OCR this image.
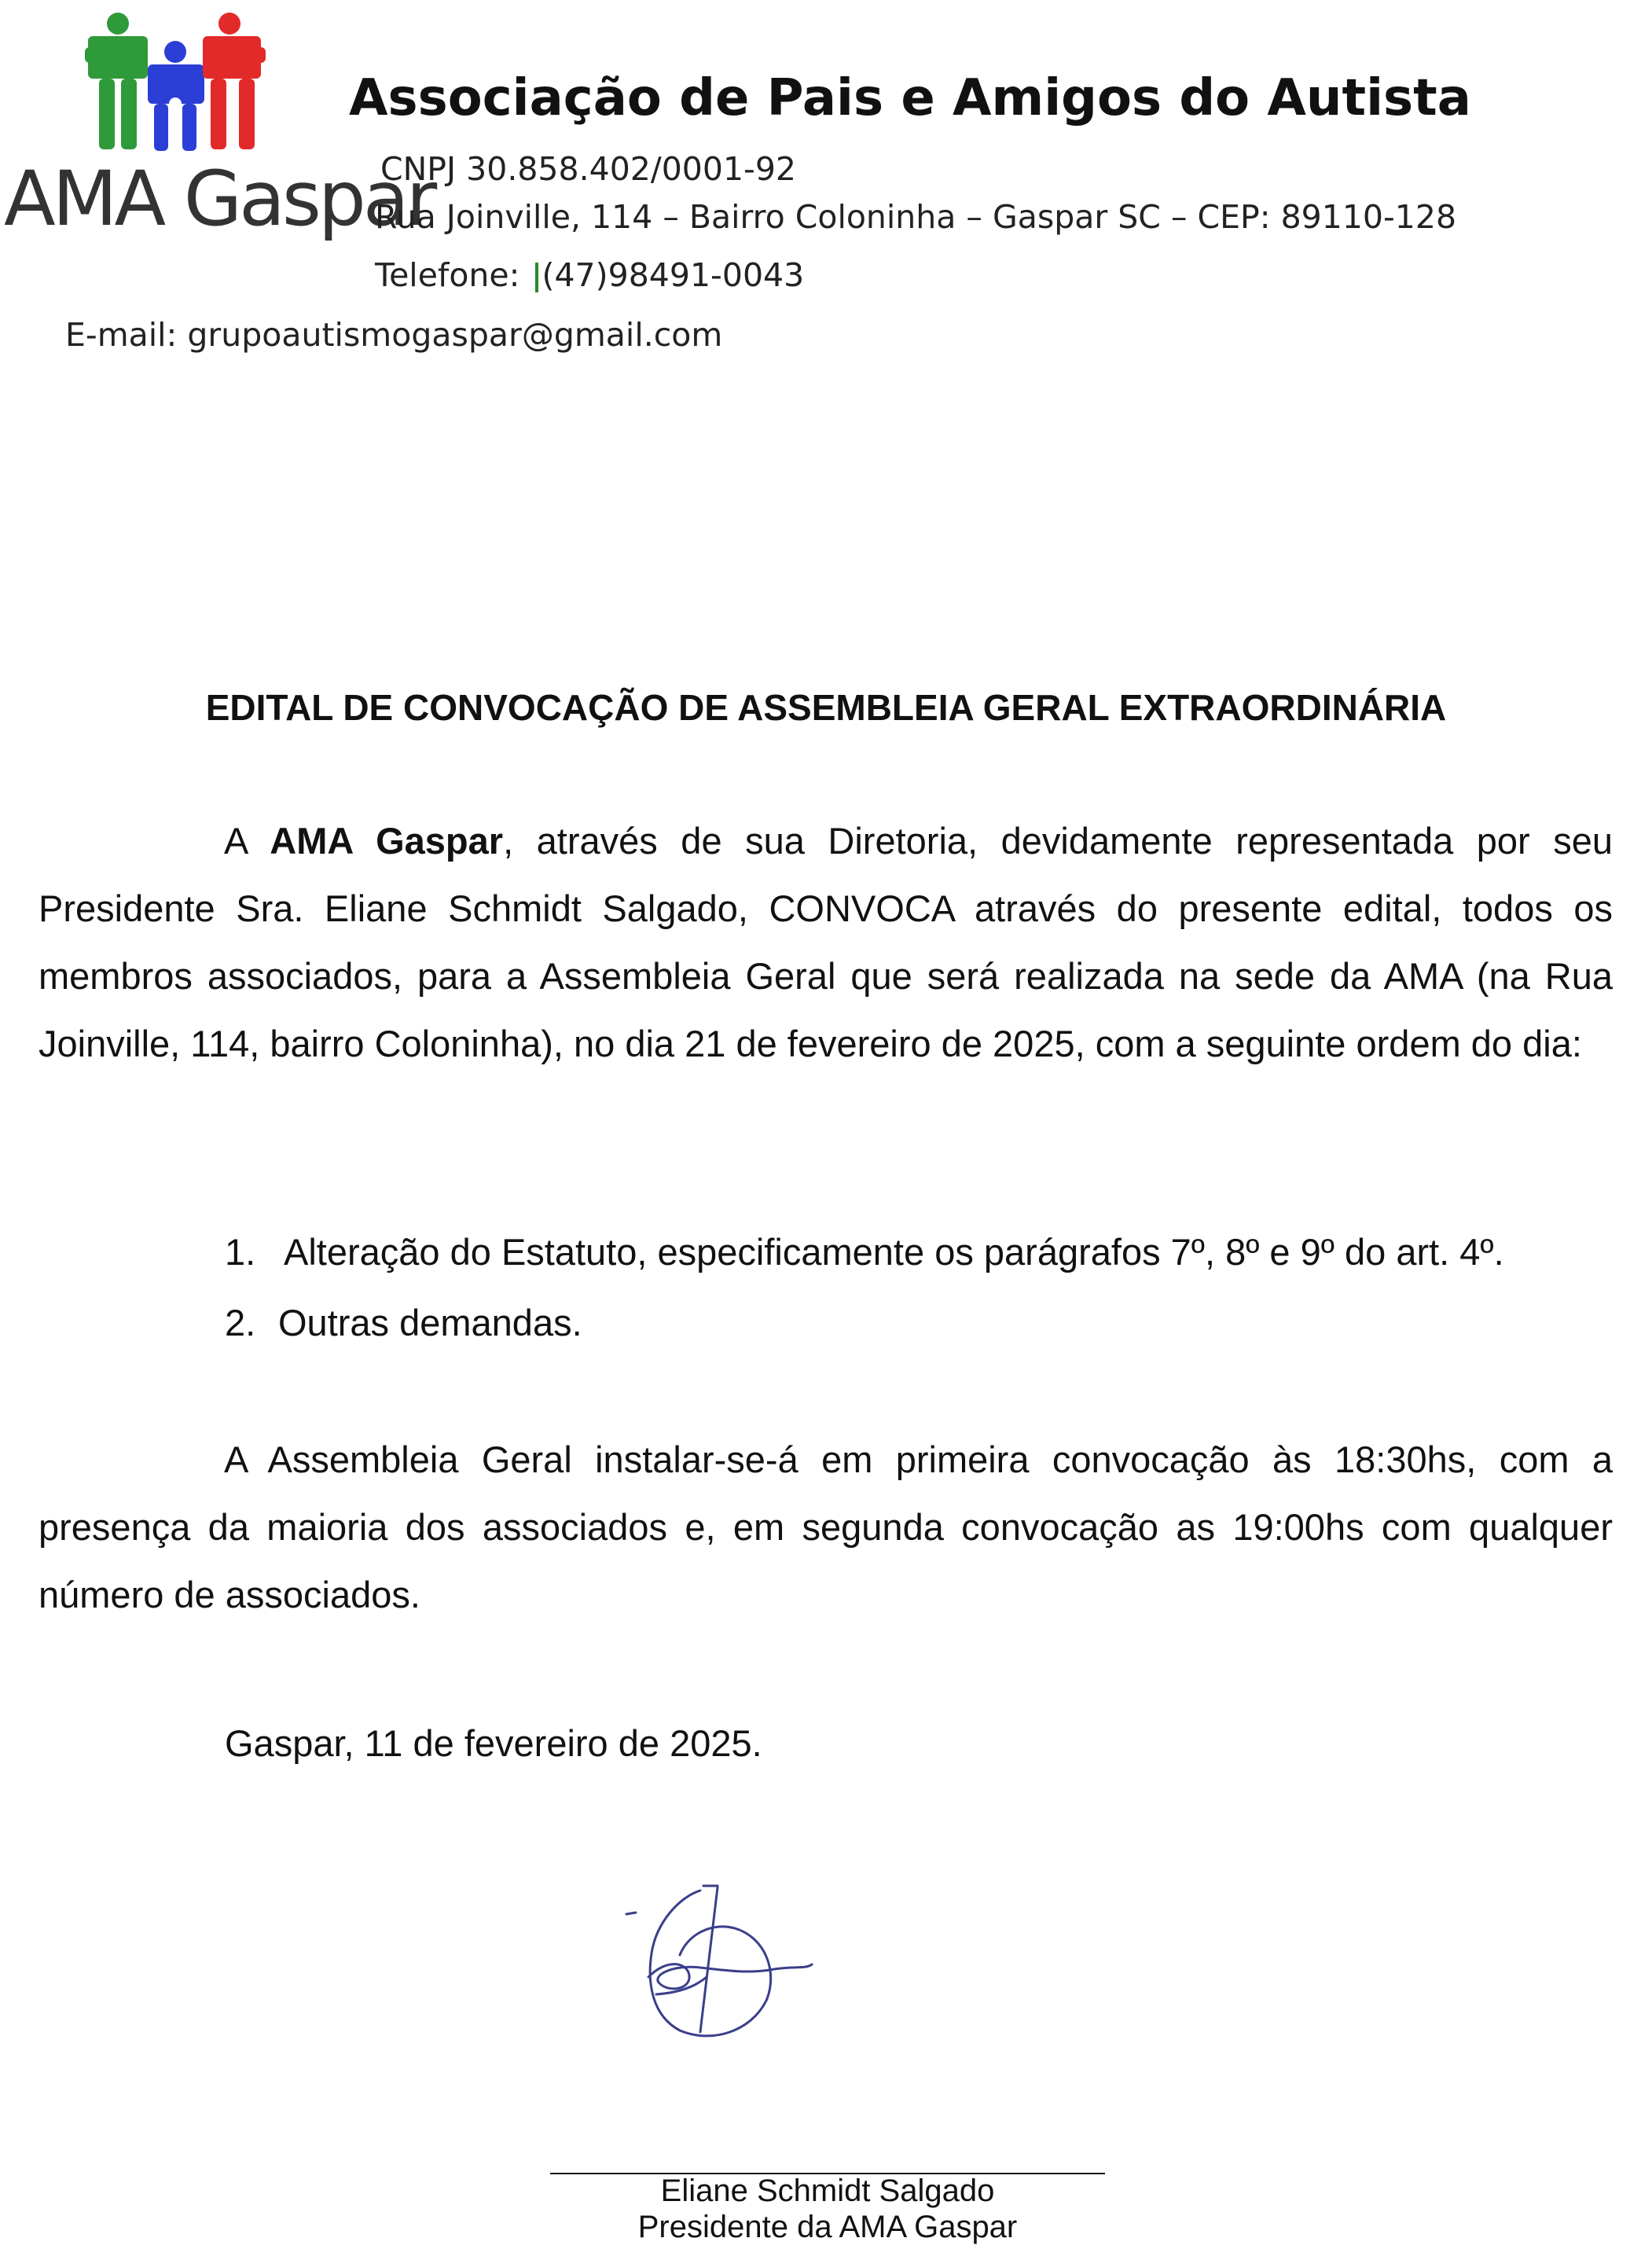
AMA Gaspar
Associação de Pais e Amigos do Autista
CNPJ 30.858.402/0001-92
Rua Joinville, 114 – Bairro Coloninha – Gaspar SC – CEP: 89110-128
Telefone: (47)98491-0043
E-mail: grupoautismogaspar@gmail.com
EDITAL DE CONVOCAÇÃO DE ASSEMBLEIA GERAL EXTRAORDINÁRIA

A AMA Gaspar, através de sua Diretoria, devidamente representada por seu Presidente Sra. Eliane Schmidt Salgado, CONVOCA através do presente edital, todos os membros associados, para a Assembleia Geral que será realizada na sede da AMA (na Rua Joinville, 114, bairro Coloninha), no dia 21 de fevereiro de 2025, com a seguinte ordem do dia:

1. Alteração do Estatuto, especificamente os parágrafos 7º, 8º e 9º do art. 4º.
2. Outras demandas.

A Assembleia Geral instalar-se-á em primeira convocação às 18:30hs, com a presença da maioria dos associados e, em segunda convocação as 19:00hs com qualquer número de associados.

Gaspar, 11 de fevereiro de 2025.
Eliane Schmidt Salgado
Presidente da AMA Gaspar
